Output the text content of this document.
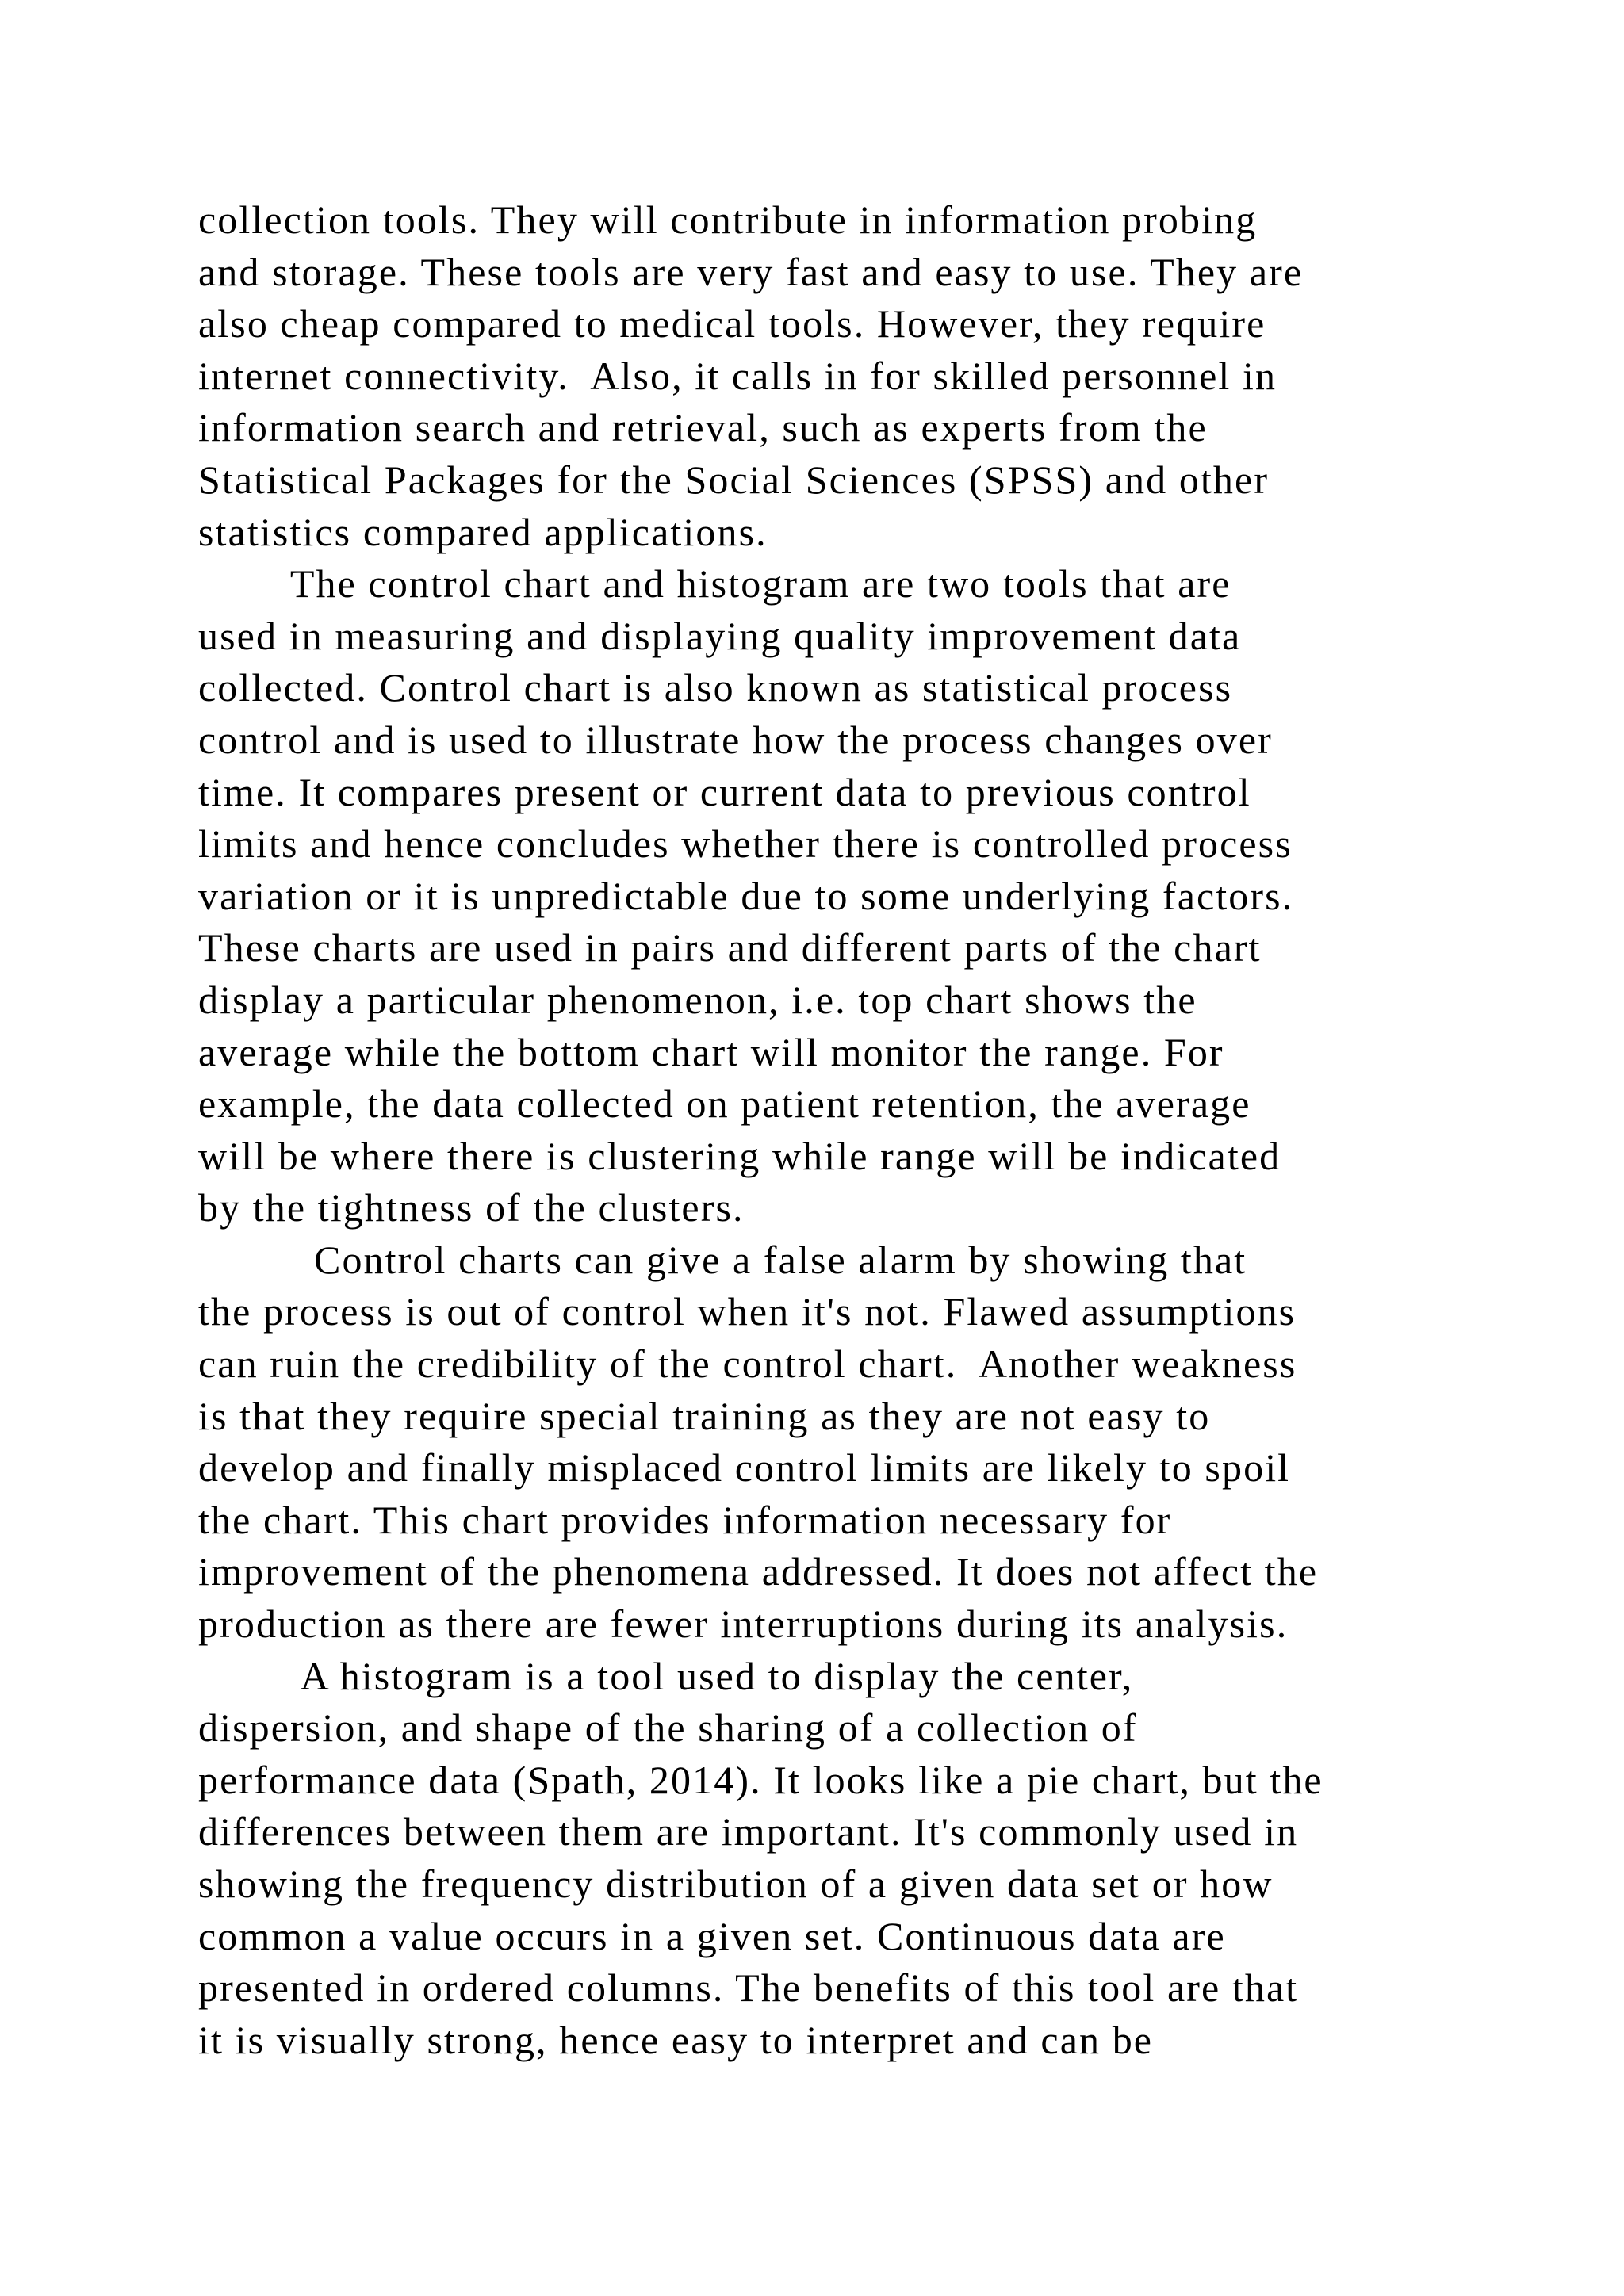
collection tools. They will contribute in information probing
and storage. These tools are very fast and easy to use. They are
also cheap compared to medical tools. However, they require
internet connectivity.  Also, it calls in for skilled personnel in
information search and retrieval, such as experts from the
Statistical Packages for the Social Sciences (SPSS) and other
statistics compared applications.
The control chart and histogram are two tools that are
used in measuring and displaying quality improvement data
collected. Control chart is also known as statistical process
control and is used to illustrate how the process changes over
time. It compares present or current data to previous control
limits and hence concludes whether there is controlled process
variation or it is unpredictable due to some underlying factors.
These charts are used in pairs and different parts of the chart
display a particular phenomenon, i.e. top chart shows the
average while the bottom chart will monitor the range. For
example, the data collected on patient retention, the average
will be where there is clustering while range will be indicated
by the tightness of the clusters.
Control charts can give a false alarm by showing that
the process is out of control when it's not. Flawed assumptions
can ruin the credibility of the control chart.  Another weakness
is that they require special training as they are not easy to
develop and finally misplaced control limits are likely to spoil
the chart. This chart provides information necessary for
improvement of the phenomena addressed. It does not affect the
production as there are fewer interruptions during its analysis.
A histogram is a tool used to display the center,
dispersion, and shape of the sharing of a collection of
performance data (Spath, 2014). It looks like a pie chart, but the
differences between them are important. It's commonly used in
showing the frequency distribution of a given data set or how
common a value occurs in a given set. Continuous data are
presented in ordered columns. The benefits of this tool are that
it is visually strong, hence easy to interpret and can be
